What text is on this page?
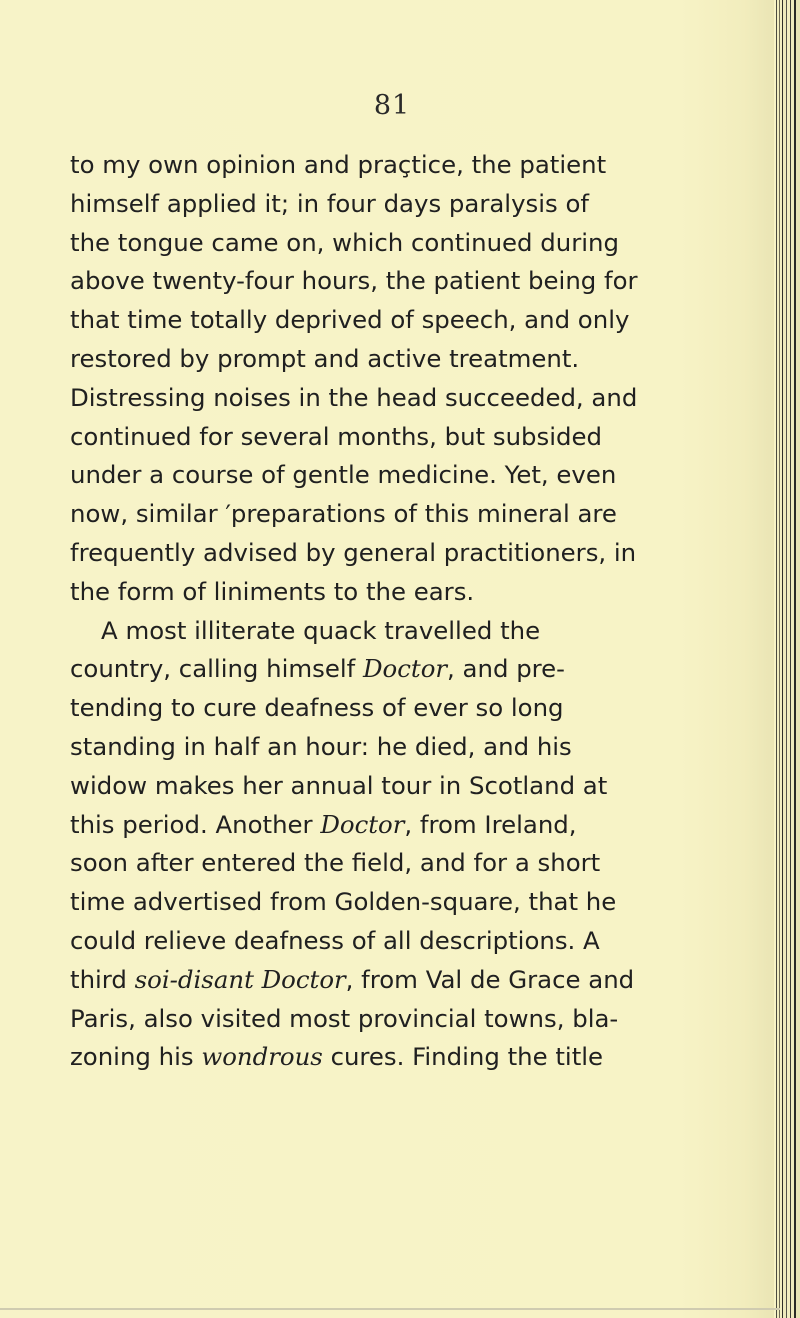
81
to my own opinion and praçtice, the patient
himself applied it; in four days paralysis of
the tongue came on, which continued during
above twenty-four hours, the patient being for
that time totally deprived of speech, and only
restored by prompt and active treatment.
Distressing noises in the head succeeded, and
continued for several months, but subsided
under a course of gentle medicine. Yet, even
now, similar ′preparations of this mineral are
frequently advised by general practitioners, in
the form of liniments to the ears.
A most illiterate quack travelled the
country, calling himself Doctor, and pre-
tending to cure deafness of ever so long
standing in half an hour: he died, and his
widow makes her annual tour in Scotland at
this period. Another Doctor, from Ireland,
soon after entered the field, and for a short
time advertised from Golden-square, that he
could relieve deafness of all descriptions. A
third soi-disant Doctor, from Val de Grace and
Paris, also visited most provincial towns, bla-
zoning his wondrous cures. Finding the title
